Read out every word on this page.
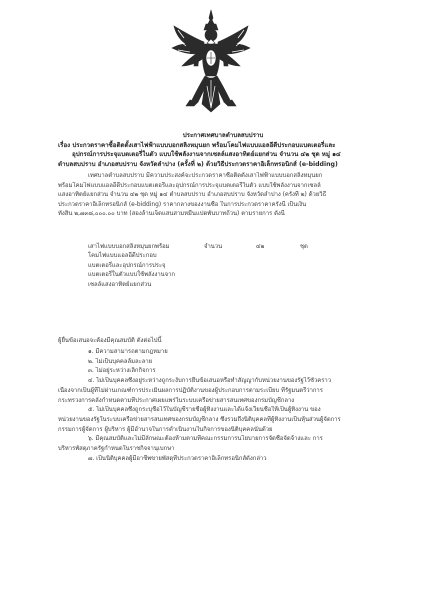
ประกาศเทศบาลตำบลสบปราบ
เรื่อง ประกวดราคาซื้อติดตั้งเสาไฟฟ้าแบบบอกสลิงหมุนยก พร้อมโคมไฟแบบแอลอีดีประกอบแบตเตอรี่และ
อุปกรณ์การประจุแบตเตอรี่ในตัว แบบใช้พลังงานจากเซลล์แสงอาทิตย์แยกส่วน จำนวน ๔๒ ชุด หมู่ ๑๔
ตำบลสบปราบ อำเภอสบปราบ จังหวัดลำปาง (ครั้งที่ ๒) ด้วยวิธีประกวดราคาอิเล็กทรอนิกส์ (e-bidding)
เทศบาลตำบลสบปราบ มีความประสงค์จะประกวดราคาซื้อติดตั้งเสาไฟฟ้าแบบบอกสลิงหมุนยก
พร้อมโคมไฟแบบแอลอีดีประกอบแบตเตอรี่และอุปกรณ์การประจุแบตเตอรี่ในตัว แบบใช้พลังงานจากเซลล์
แสงอาทิตย์แยกส่วน จำนวน ๔๒ ชุด หมู่ ๑๔ ตำบลสบปราบ อำเภอสบปราบ จังหวัดลำปาง (ครั้งที่ ๒) ด้วยวิธี
ประกวดราคาอิเล็กทรอนิกส์ (e-bidding) ราคากลางของงานซื้อ ในการประกวดราคาครั้งนี้ เป็นเงิน
ทั้งสิ้น ๒,๗๓๘,๐๐๐.๐๐ บาท (สองล้านเจ็ดแสนสามหมื่นแปดพันบาทถ้วน) ตามรายการ ดังนี้
เสาไฟแบบบอกสลิงหมุนยกพร้อม
โคมไฟแบบแอลอีดีประกอบ
แบตเตอรี่และอุปกรณ์การประจุ
แบตเตอรี่ในตัวแบบใช้พลังงานจาก
เซลล์แสงอาทิตย์แยกส่วน
จำนวน	๔๒	ชุด
ผู้ยื่นข้อเสนอจะต้องมีคุณสมบัติ ดังต่อไปนี้
๑. มีความสามารถตามกฎหมาย
๒. ไม่เป็นบุคคลล้มละลาย
๓. ไม่อยู่ระหว่างเลิกกิจการ
๔. ไม่เป็นบุคคลซึ่งอยู่ระหว่างถูกระงับการยื่นข้อเสนอหรือทำสัญญากับหน่วยงานของรัฐไว้ชั่วคราว
เนื่องจากเป็นผู้ที่ไม่ผ่านเกณฑ์การประเมินผลการปฏิบัติงานของผู้ประกอบการตามระเบียบ ที่รัฐมนตรีว่าการ
กระทรวงการคลังกำหนดตามที่ประกาศเผยแพร่ในระบบเครือข่ายสารสนเทศของกรมบัญชีกลาง
๕. ไม่เป็นบุคคลซึ่งถูกระบุชื่อไว้ในบัญชีรายชื่อผู้ทิ้งงานและได้แจ้งเวียนชื่อให้เป็นผู้ทิ้งงาน ของ
หน่วยงานของรัฐในระบบเครือข่ายสารสนเทศของกรมบัญชีกลาง ซึ่งรวมถึงนิติบุคคลที่ผู้ทิ้งงานเป็นหุ้นส่วนผู้จัดการ
กรรมการผู้จัดการ ผู้บริหาร ผู้มีอำนาจในการดำเนินงานในกิจการของนิติบุคคลนั้นด้วย
๖. มีคุณสมบัติและไม่มีลักษณะต้องห้ามตามที่คณะกรรมการนโยบายการจัดซื้อจัดจ้างและ การ
บริหารพัสดุภาครัฐกำหนดในราชกิจจานุเบกษา
๗. เป็นนิติบุคคลผู้มีอาชีพขายพัสดุที่ประกวดราคาอิเล็กทรอนิกส์ดังกล่าว
